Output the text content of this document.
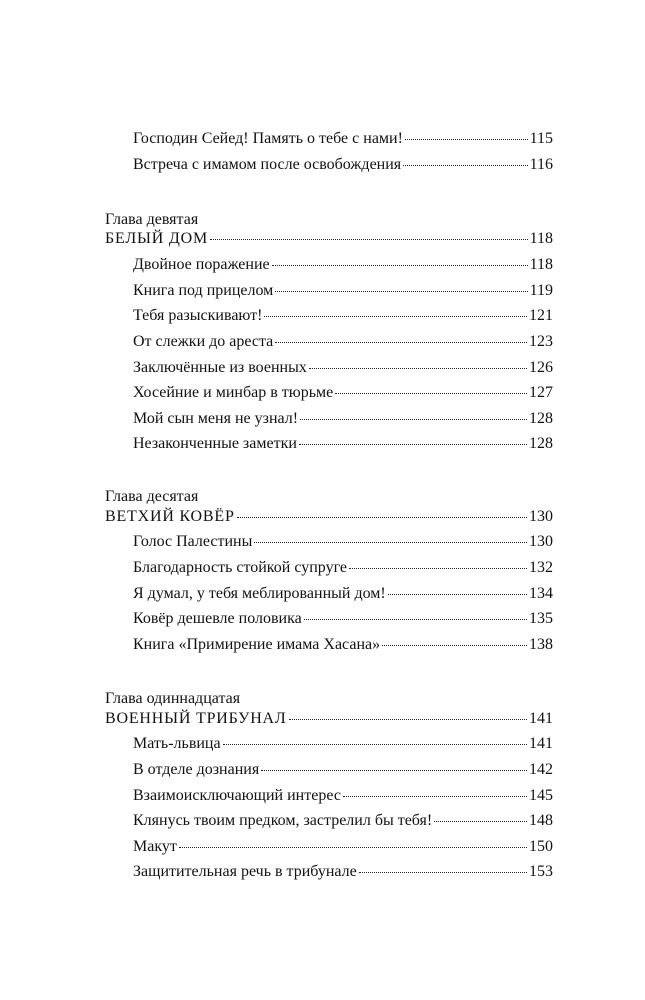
Господин Сейед! Память о тебе с нами!	115
Встреча с имамом после освобождения	116
Глава девятая
БЕЛЫЙ ДОМ	118
Двойное поражение	118
Книга под прицелом	119
Тебя разыскивают!	121
От слежки до ареста	123
Заключённые из военных	126
Хосейние и минбар в тюрьме	127
Мой сын меня не узнал!	128
Незаконченные заметки	128
Глава десятая
ВЕТХИЙ КОВЁР	130
Голос Палестины	130
Благодарность стойкой супруге	132
Я думал, у тебя меблированный дом!	134
Ковёр дешевле половика	135
Книга «Примирение имама Хасана»	138
Глава одиннадцатая
ВОЕННЫЙ ТРИБУНАЛ	141
Мать-львица	141
В отделе дознания	142
Взаимоисключающий интерес	145
Клянусь твоим предком, застрелил бы тебя!	148
Макут	150
Защитительная речь в трибунале	153
